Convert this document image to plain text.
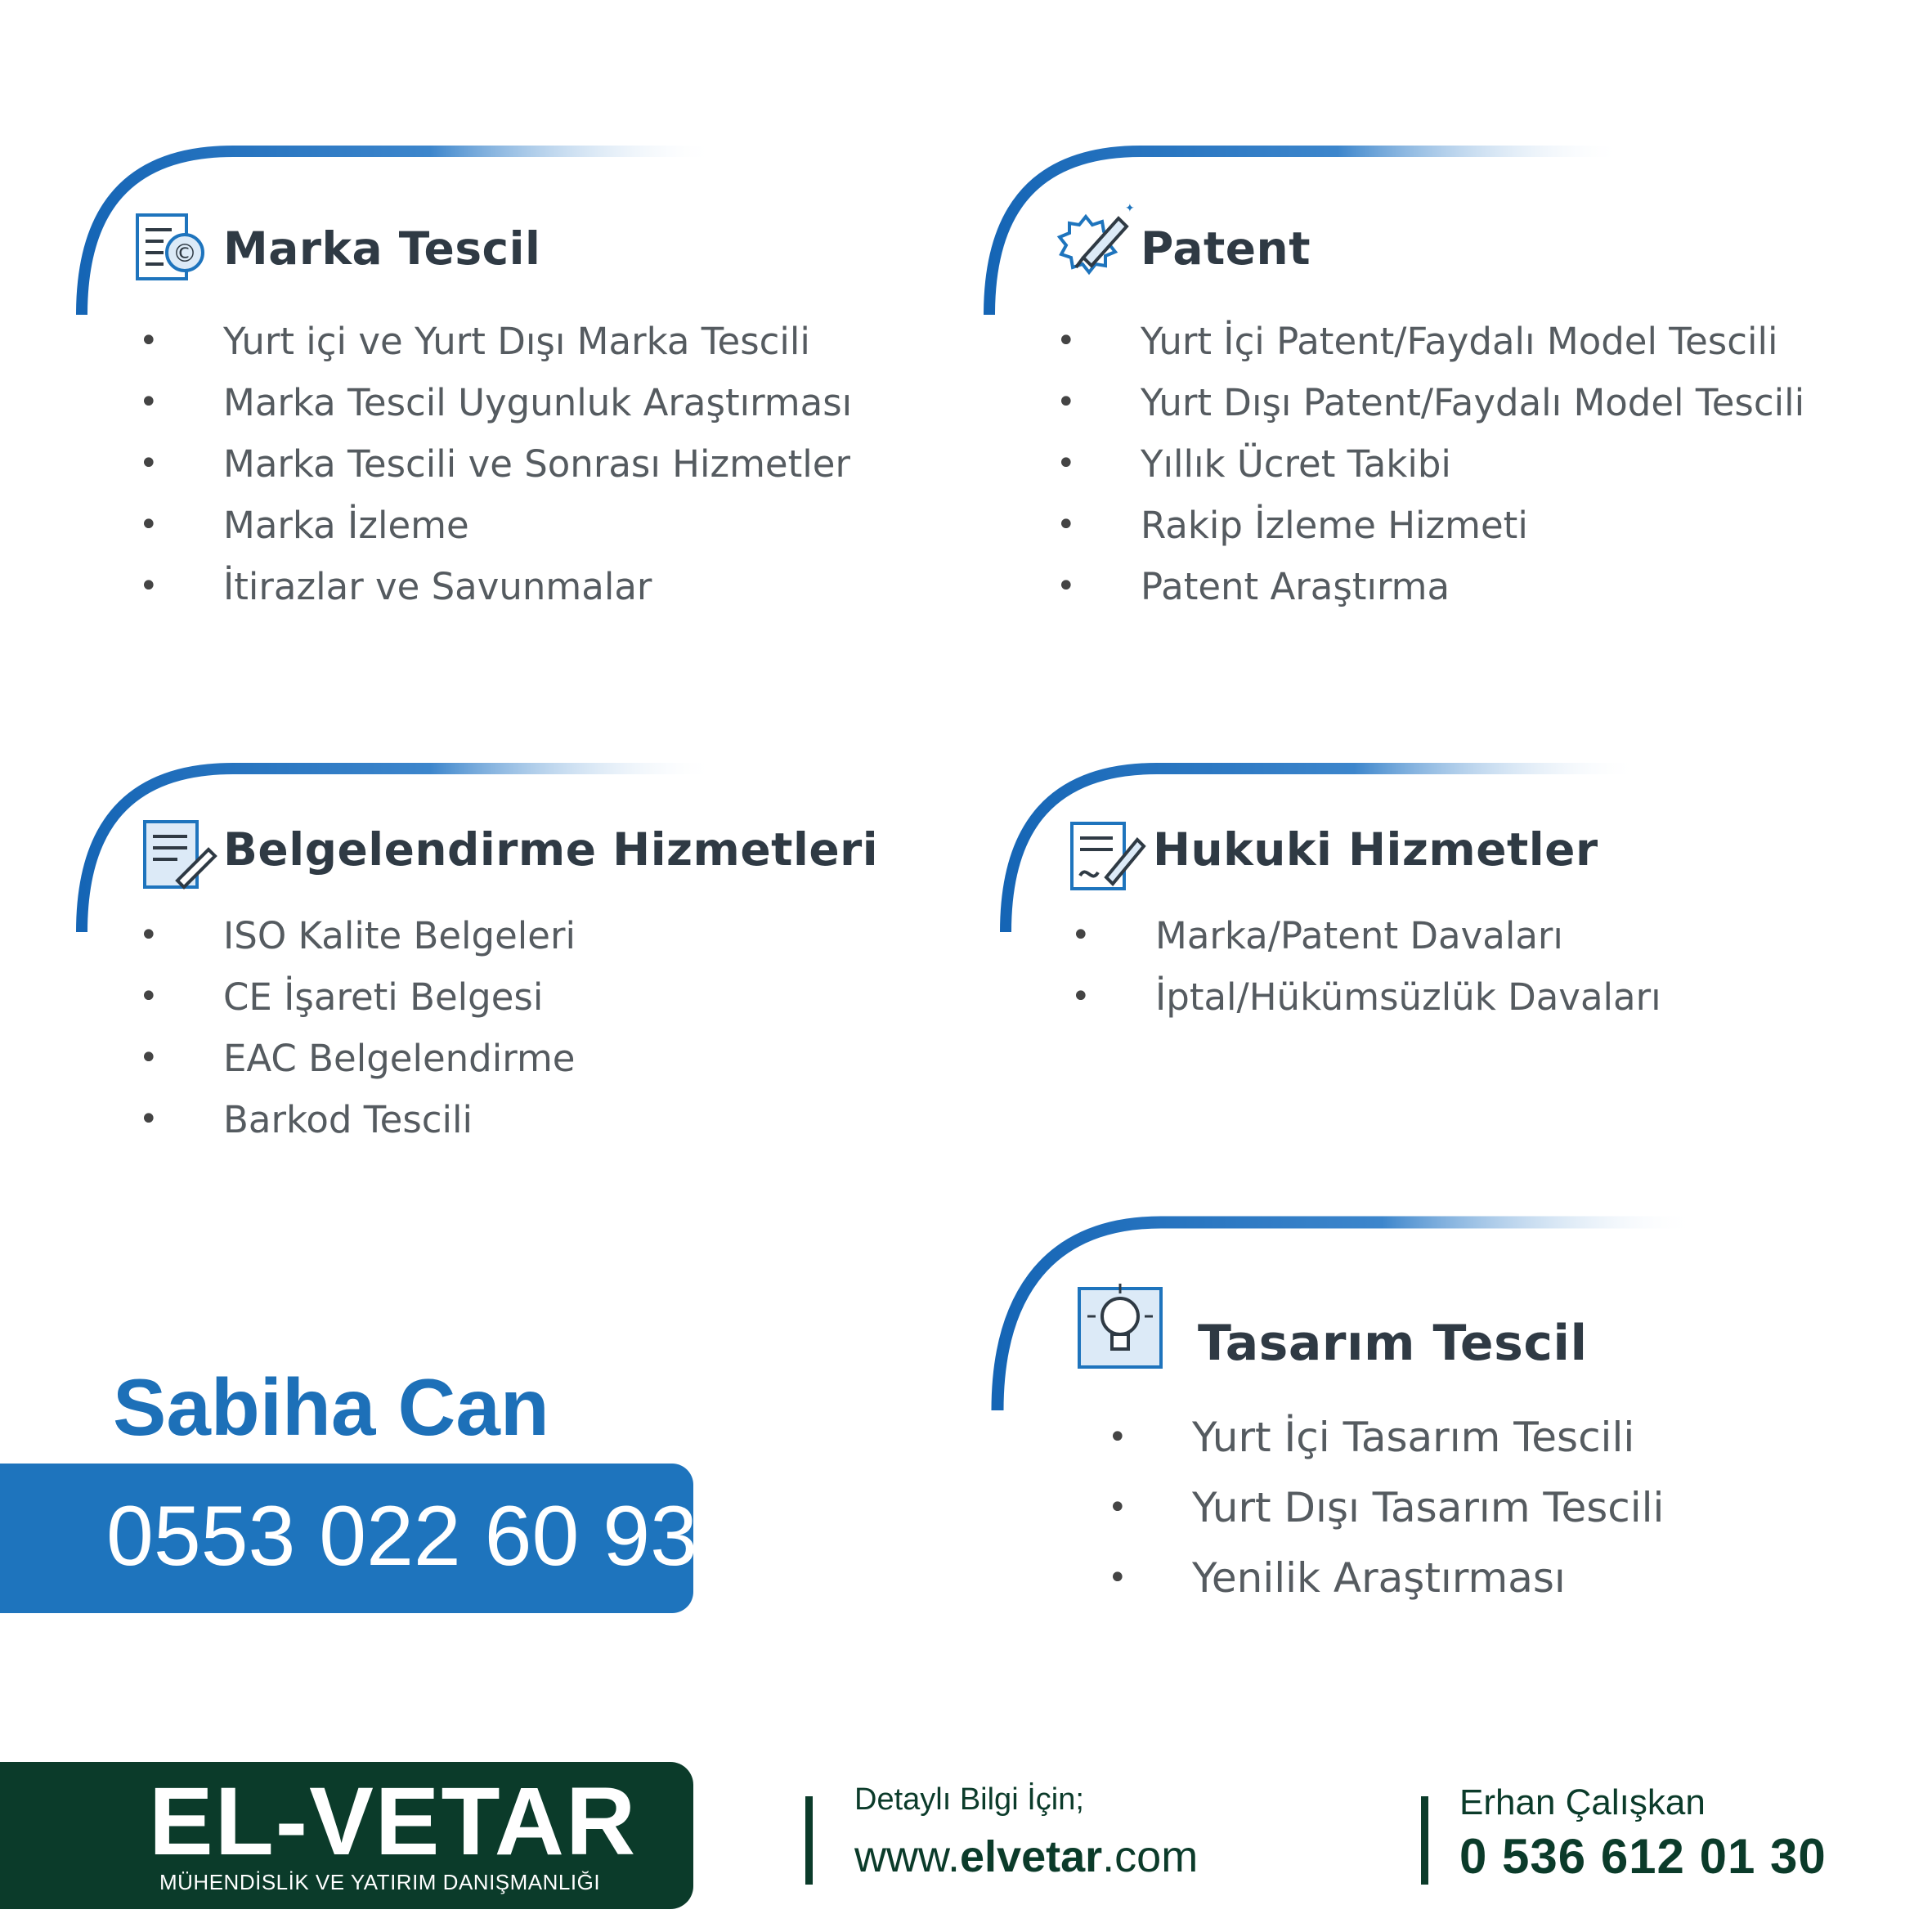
© Marka Tescil
• Yurt içi ve Yurt Dışı Marka Tescili
• Marka Tescil Uygunluk Araştırması
• Marka Tescili ve Sonrası Hizmetler
• Marka İzleme
• İtirazlar ve Savunmalar
✦
Patent
• Yurt İçi Patent/Faydalı Model Tescili
• Yurt Dışı Patent/Faydalı Model Tescili
• Yıllık Ücret Takibi
• Rakip İzleme Hizmeti
• Patent Araştırma
Belgelendirme Hizmetleri
• ISO Kalite Belgeleri
• CE İşareti Belgesi
• EAC Belgelendirme
• Barkod Tescili
Hukuki Hizmetler
• Marka/Patent Davaları
• İptal/Hükümsüzlük Davaları
Tasarım Tescil
• Yurt İçi Tasarım Tescili
• Yurt Dışı Tasarım Tescili
• Yenilik Araştırması
Sabiha Can
0553 022 60 93
EL-VETAR
MÜHENDİSLİK VE YATIRIM DANIŞMANLIĞI
Detaylı Bilgi İçin;
www.elvetar.com
Erhan Çalışkan
0 536 612 01 30
